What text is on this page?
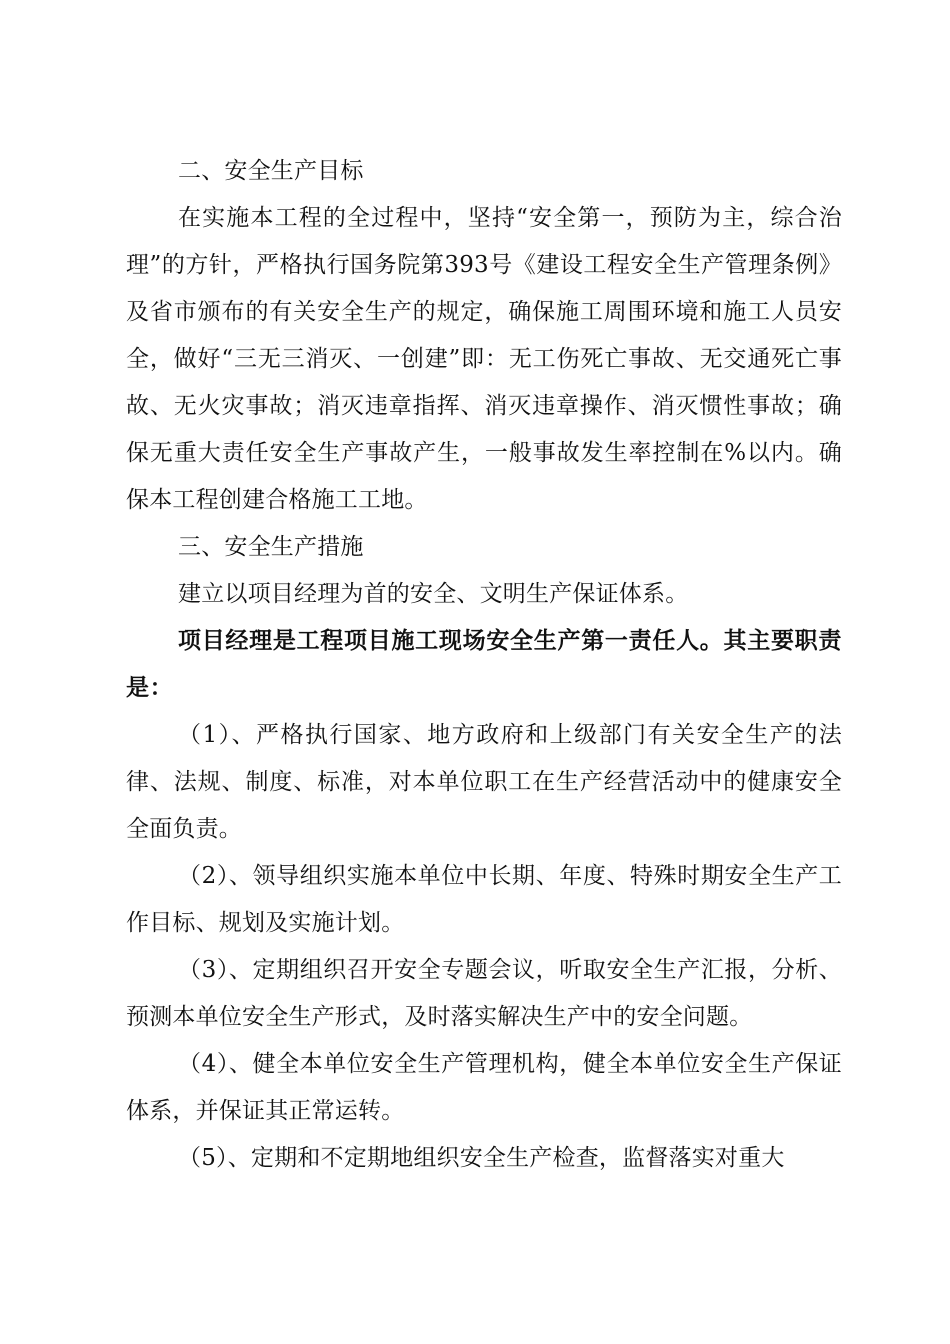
二、安全生产目标

在实施本工程的全过程中，坚持“安全第一，预防为主，综合治理”的方针，严格执行国务院第393号《建设工程安全生产管理条例》及省市颁布的有关安全生产的规定，确保施工周围环境和施工人员安全，做好“三无三消灭、一创建”即：无工伤死亡事故、无交通死亡事故、无火灾事故；消灭违章指挥、消灭违章操作、消灭惯性事故；确保无重大责任安全生产事故产生，一般事故发生率控制在%以内。确保本工程创建合格施工工地。

三、安全生产措施

建立以项目经理为首的安全、文明生产保证体系。

项目经理是工程项目施工现场安全生产第一责任人。其主要职责是：

（1）、严格执行国家、地方政府和上级部门有关安全生产的法律、法规、制度、标准，对本单位职工在生产经营活动中的健康安全全面负责。

（2）、领导组织实施本单位中长期、年度、特殊时期安全生产工作目标、规划及实施计划。

（3）、定期组织召开安全专题会议，听取安全生产汇报，分析、预测本单位安全生产形式，及时落实解决生产中的安全问题。

（4）、健全本单位安全生产管理机构，健全本单位安全生产保证体系，并保证其正常运转。

（5）、定期和不定期地组织安全生产检查，监督落实对重大
